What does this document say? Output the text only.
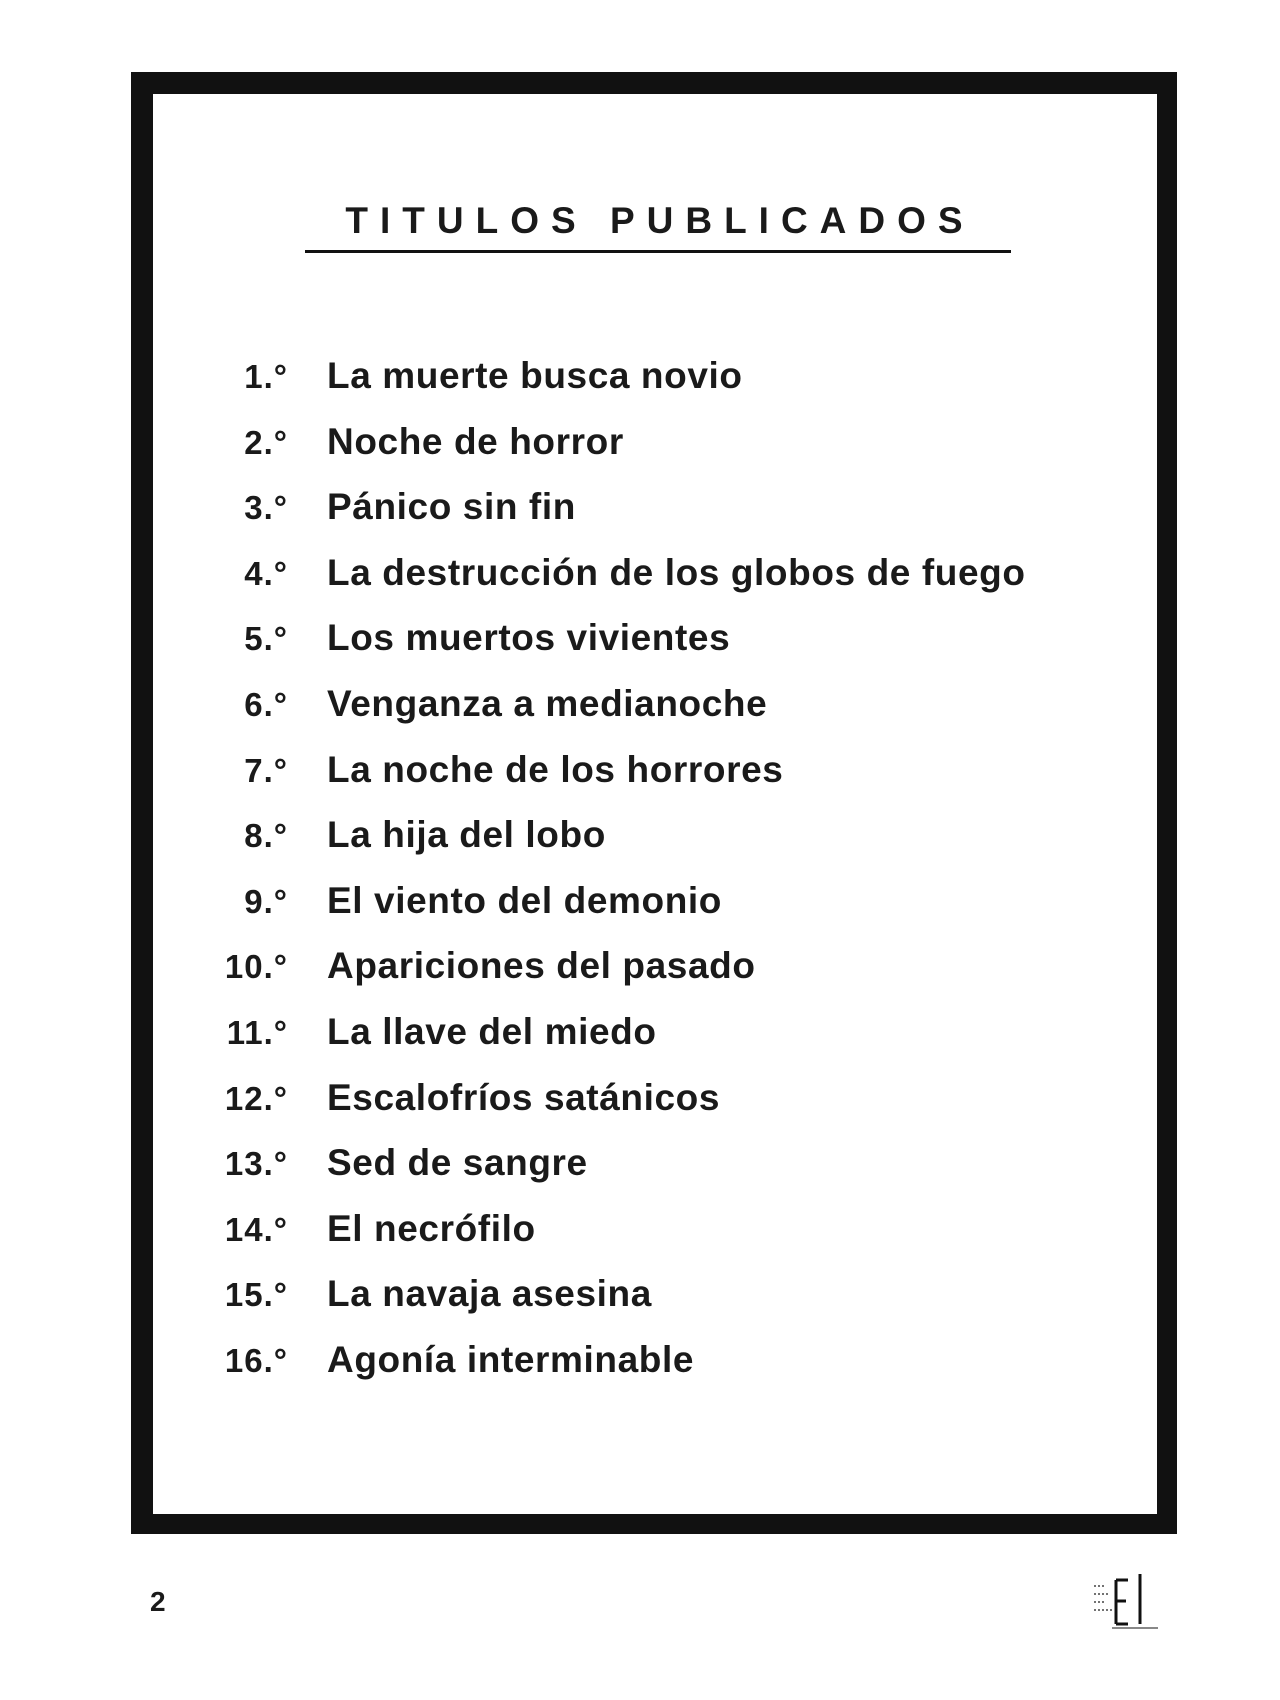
TITULOS PUBLICADOS
1.° La muerte busca novio
2.° Noche de horror
3.° Pánico sin fin
4.° La destrucción de los globos de fuego
5.° Los muertos vivientes
6.° Venganza a medianoche
7.° La noche de los horrores
8.° La hija del lobo
9.° El viento del demonio
10.° Apariciones del pasado
11.° La llave del miedo
12.° Escalofríos satánicos
13.° Sed de sangre
14.° El necrófilo
15.° La navaja asesina
16.° Agonía interminable
2
